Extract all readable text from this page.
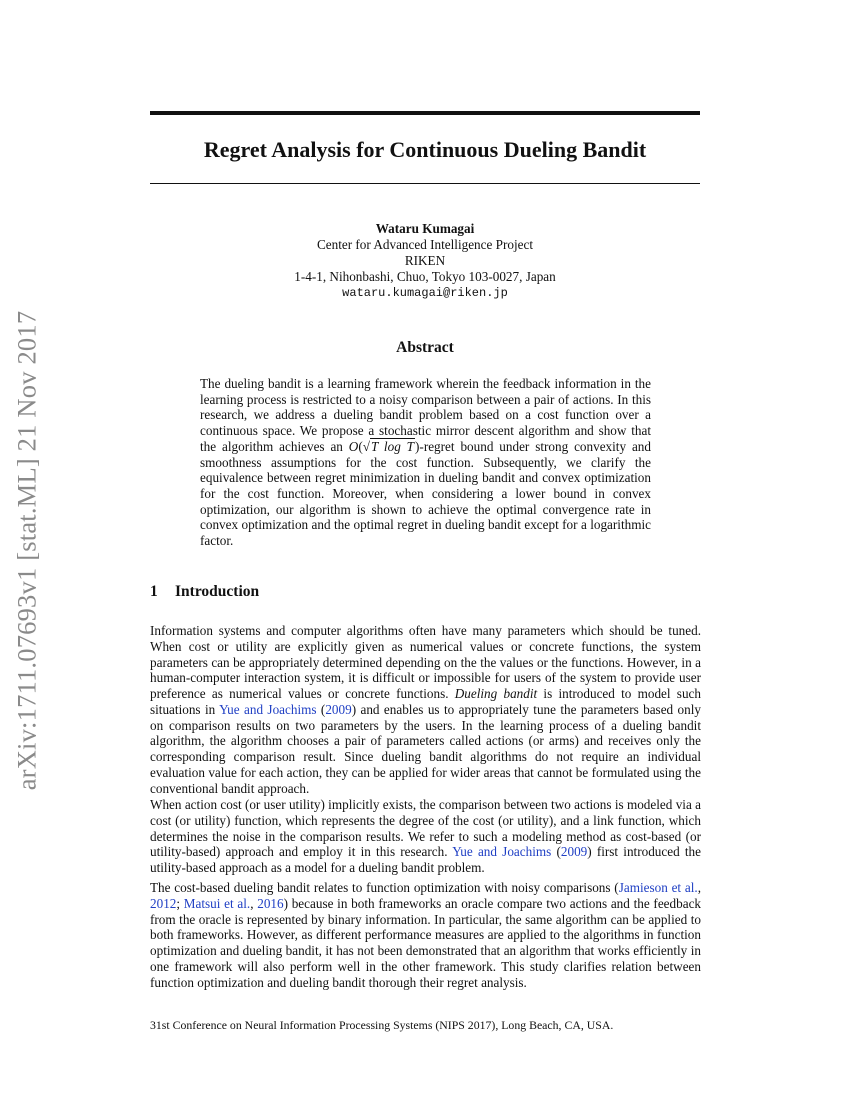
arXiv:1711.07693v1 [stat.ML] 21 Nov 2017
Regret Analysis for Continuous Dueling Bandit
Wataru Kumagai
Center for Advanced Intelligence Project
RIKEN
1-4-1, Nihonbashi, Chuo, Tokyo 103-0027, Japan
wataru.kumagai@riken.jp
Abstract

The dueling bandit is a learning framework wherein the feedback information in the learning process is restricted to a noisy comparison between a pair of actions. In this research, we address a dueling bandit problem based on a cost function over a continuous space. We propose a stochastic mirror descent algorithm and show that the algorithm achieves an O(√T log T)-regret bound under strong convexity and smoothness assumptions for the cost function. Subsequently, we clarify the equivalence between regret minimization in dueling bandit and convex optimization for the cost function. Moreover, when considering a lower bound in convex optimization, our algorithm is shown to achieve the optimal convergence rate in convex optimization and the optimal regret in dueling bandit except for a logarithmic factor.

1 Introduction

Information systems and computer algorithms often have many parameters which should be tuned. When cost or utility are explicitly given as numerical values or concrete functions, the system parameters can be appropriately determined depending on the the values or the functions. However, in a human-computer interaction system, it is difficult or impossible for users of the system to provide user preference as numerical values or concrete functions. Dueling bandit is introduced to model such situations in Yue and Joachims (2009) and enables us to appropriately tune the parameters based only on comparison results on two parameters by the users. In the learning process of a dueling bandit algorithm, the algorithm chooses a pair of parameters called actions (or arms) and receives only the corresponding comparison result. Since dueling bandit algorithms do not require an individual evaluation value for each action, they can be applied for wider areas that cannot be formulated using the conventional bandit approach.

When action cost (or user utility) implicitly exists, the comparison between two actions is modeled via a cost (or utility) function, which represents the degree of the cost (or utility), and a link function, which determines the noise in the comparison results. We refer to such a modeling method as cost-based (or utility-based) approach and employ it in this research. Yue and Joachims (2009) first introduced the utility-based approach as a model for a dueling bandit problem.

The cost-based dueling bandit relates to function optimization with noisy comparisons (Jamieson et al., 2012; Matsui et al., 2016) because in both frameworks an oracle compare two actions and the feedback from the oracle is represented by binary information. In particular, the same algorithm can be applied to both frameworks. However, as different performance measures are applied to the algorithms in function optimization and dueling bandit, it has not been demonstrated that an algorithm that works efficiently in one framework will also perform well in the other framework. This study clarifies relation between function optimization and dueling bandit thorough their regret analysis.

31st Conference on Neural Information Processing Systems (NIPS 2017), Long Beach, CA, USA.
